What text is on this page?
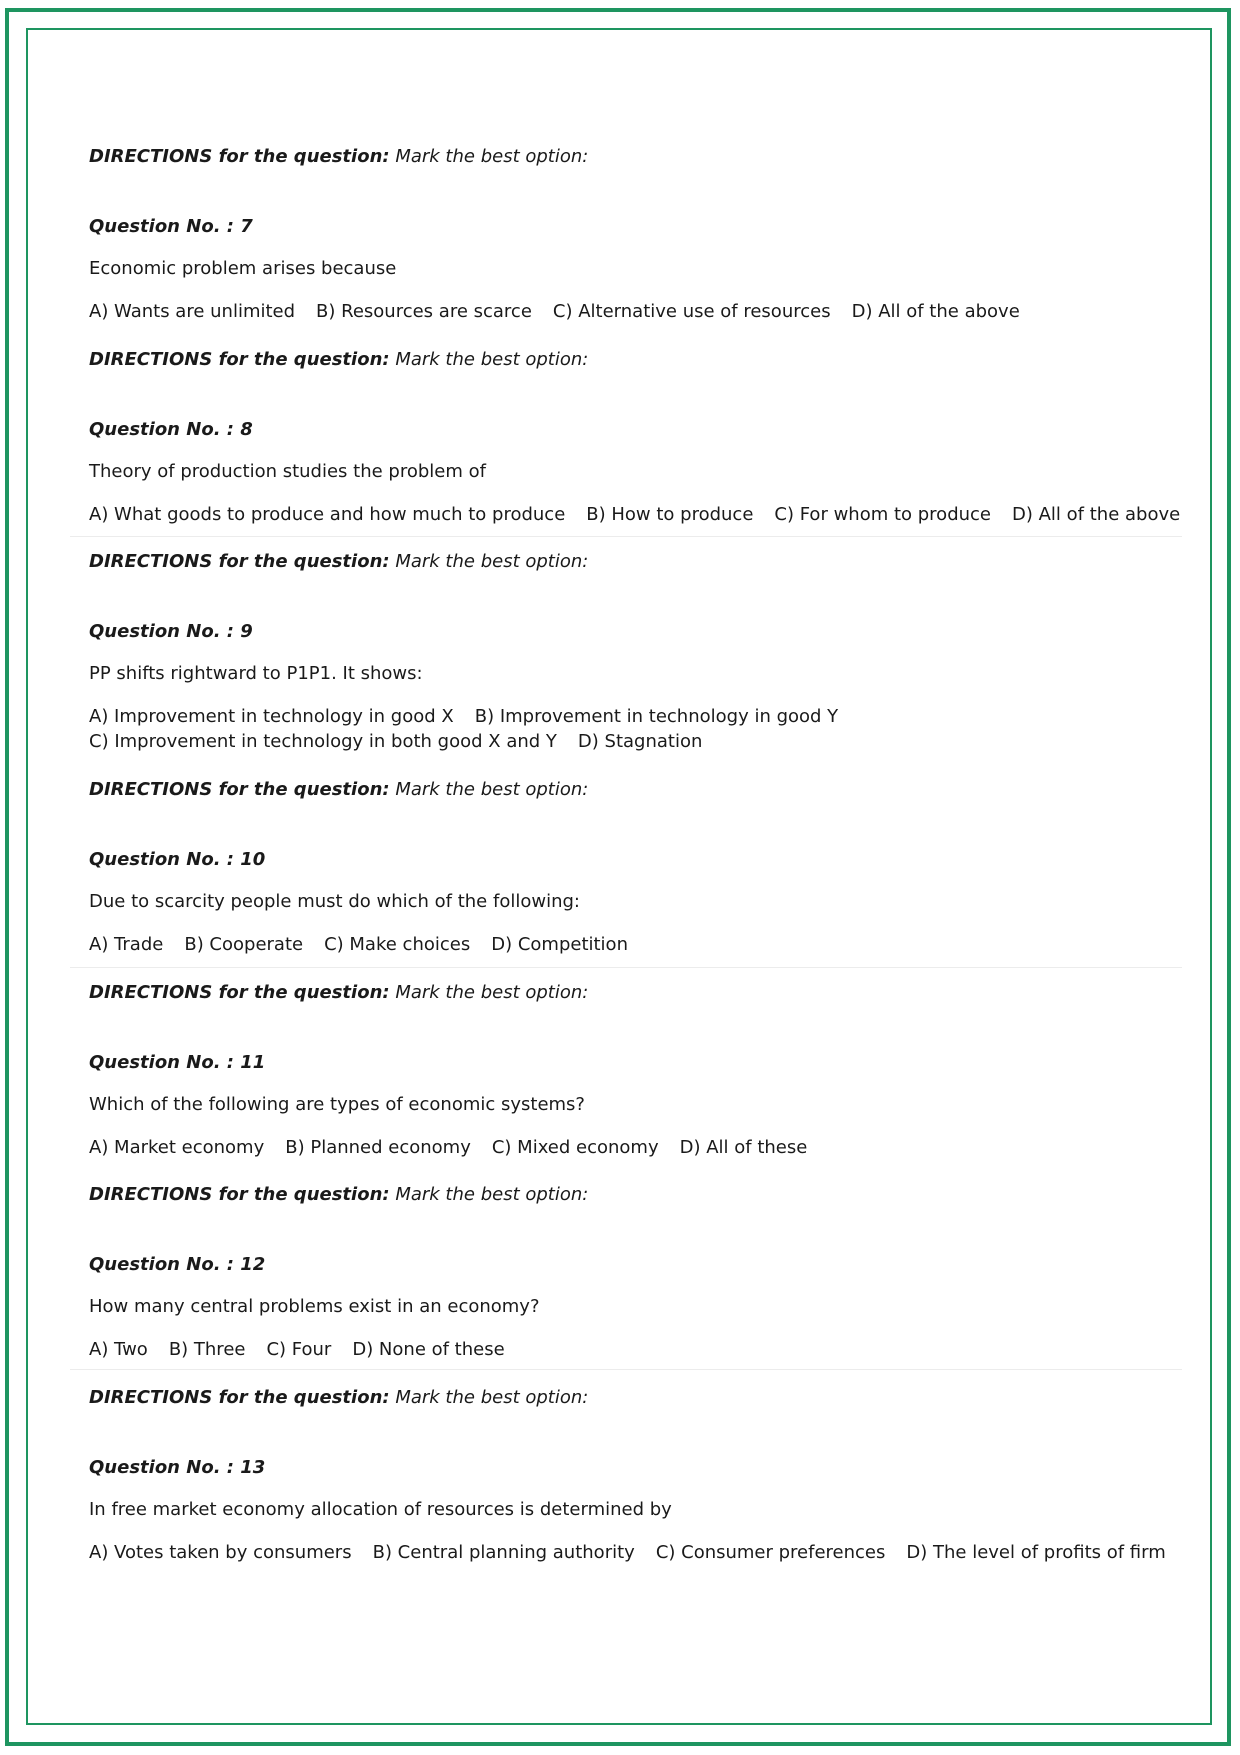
DIRECTIONS for the question: Mark the best option:
Question No. : 7
Economic problem arises because
A) Wants are unlimited B) Resources are scarce C) Alternative use of resources D) All of the above
DIRECTIONS for the question: Mark the best option:
Question No. : 8
Theory of production studies the problem of
A) What goods to produce and how much to produce B) How to produce C) For whom to produce D) All of the above
DIRECTIONS for the question: Mark the best option:
Question No. : 9
PP shifts rightward to P1P1. It shows:
A) Improvement in technology in good X B) Improvement in technology in good Y
C) Improvement in technology in both good X and Y D) Stagnation
DIRECTIONS for the question: Mark the best option:
Question No. : 10
Due to scarcity people must do which of the following:
A) Trade B) Cooperate C) Make choices D) Competition
DIRECTIONS for the question: Mark the best option:
Question No. : 11
Which of the following are types of economic systems?
A) Market economy B) Planned economy C) Mixed economy D) All of these
DIRECTIONS for the question: Mark the best option:
Question No. : 12
How many central problems exist in an economy?
A) Two B) Three C) Four D) None of these
DIRECTIONS for the question: Mark the best option:
Question No. : 13
In free market economy allocation of resources is determined by
A) Votes taken by consumers B) Central planning authority C) Consumer preferences D) The level of profits of firm
